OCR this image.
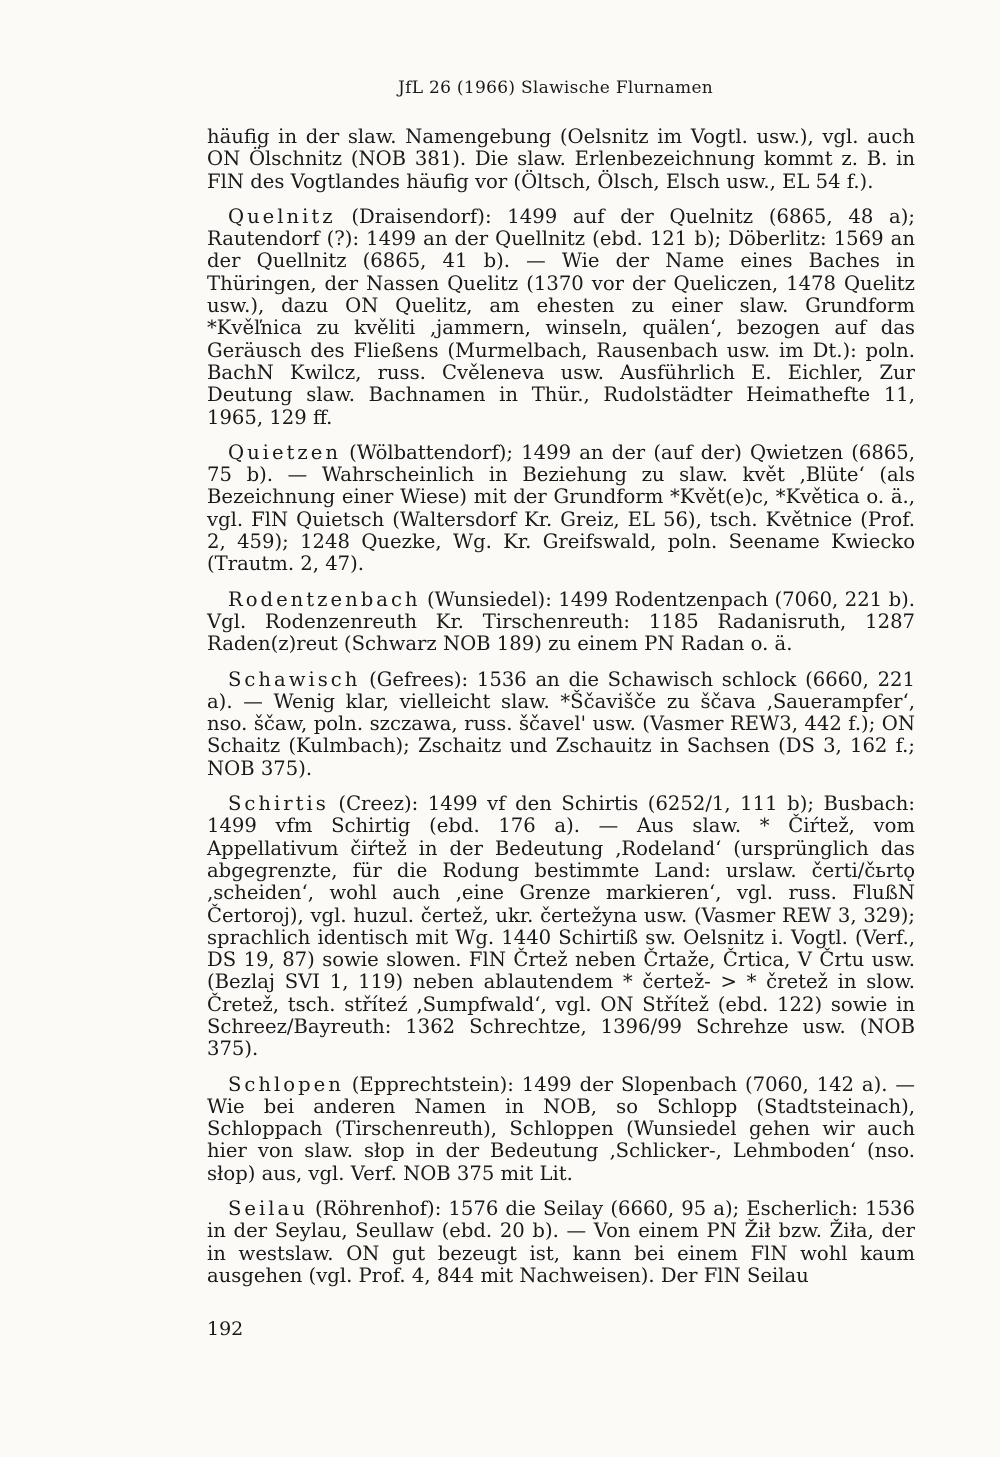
JfL 26 (1966) Slawische Flurnamen

häufig in der slaw. Namengebung (Oelsnitz im Vogtl. usw.), vgl. auch ON Ölschnitz (NOB 381). Die slaw. Erlenbezeichnung kommt z. B. in FlN des Vogtlandes häufig vor (Öltsch, Ölsch, Elsch usw., EL 54 f.).

Quelnitz (Draisendorf): 1499 auf der Quelnitz (6865, 48 a); Rautendorf (?): 1499 an der Quellnitz (ebd. 121 b); Döberlitz: 1569 an der Quellnitz (6865, 41 b). — Wie der Name eines Baches in Thüringen, der Nassen Quelitz (1370 vor der Queliczen, 1478 Quelitz usw.), dazu ON Quelitz, am ehesten zu einer slaw. Grundform *Kvěľnica zu kvěliti ‚jammern, winseln, quälen‘, bezogen auf das Geräusch des Fließens (Murmelbach, Rausenbach usw. im Dt.): poln. BachN Kwilcz, russ. Cvěleneva usw. Ausführlich E. Eichler, Zur Deutung slaw. Bachnamen in Thür., Rudolstädter Heimathefte 11, 1965, 129 ff.

Quietzen (Wölbattendorf); 1499 an der (auf der) Qwietzen (6865, 75 b). — Wahrscheinlich in Beziehung zu slaw. květ ‚Blüte‘ (als Bezeichnung einer Wiese) mit der Grundform *Květ(e)c, *Květica o. ä., vgl. FlN Quietsch (Waltersdorf Kr. Greiz, EL 56), tsch. Květnice (Prof. 2, 459); 1248 Quezke, Wg. Kr. Greifswald, poln. Seename Kwiecko (Trautm. 2, 47).

Rodentzenbach (Wunsiedel): 1499 Rodentzenpach (7060, 221 b). Vgl. Rodenzenreuth Kr. Tirschenreuth: 1185 Radanisruth, 1287 Raden(z)reut (Schwarz NOB 189) zu einem PN Radan o. ä.

Schawisch (Gefrees): 1536 an die Schawisch schlock (6660, 221 a). — Wenig klar, vielleicht slaw. *Ščavišče zu ščava ‚Sauerampfer‘, nso. ščaw, poln. szczawa, russ. ščavel' usw. (Vasmer REW3, 442 f.); ON Schaitz (Kulmbach); Zschaitz und Zschauitz in Sachsen (DS 3, 162 f.; NOB 375).

Schirtis (Creez): 1499 vf den Schirtis (6252/1, 111 b); Busbach: 1499 vfm Schirtig (ebd. 176 a). — Aus slaw. * Čiŕtež, vom Appellativum čiŕtež in der Bedeutung ‚Rodeland‘ (ursprünglich das abgegrenzte, für die Rodung bestimmte Land: urslaw. čerti/čьrtǫ ‚scheiden‘, wohl auch ‚eine Grenze markieren‘, vgl. russ. FlußN Čertoroj), vgl. huzul. čertež, ukr. čertežyna usw. (Vasmer REW 3, 329); sprachlich identisch mit Wg. 1440 Schirtiß sw. Oelsnitz i. Vogtl. (Verf., DS 19, 87) sowie slowen. FlN Črtež neben Črtaže, Črtica, V Črtu usw. (Bezlaj SVI 1, 119) neben ablautendem * čertež- > * čretež in slow. Čretež, tsch. stříteź ‚Sumpfwald‘, vgl. ON Střítež (ebd. 122) sowie in Schreez/Bayreuth: 1362 Schrechtze, 1396/99 Schrehze usw. (NOB 375).

Schlopen (Epprechtstein): 1499 der Slopenbach (7060, 142 a). — Wie bei anderen Namen in NOB, so Schlopp (Stadtsteinach), Schloppach (Tirschenreuth), Schloppen (Wunsiedel gehen wir auch hier von slaw. słop in der Bedeutung ‚Schlicker-, Lehmboden‘ (nso. słop) aus, vgl. Verf. NOB 375 mit Lit.

Seilau (Röhrenhof): 1576 die Seilay (6660, 95 a); Escherlich: 1536 in der Seylau, Seullaw (ebd. 20 b). — Von einem PN Žił bzw. Žiła, der in westslaw. ON gut bezeugt ist, kann bei einem FlN wohl kaum ausgehen (vgl. Prof. 4, 844 mit Nachweisen). Der FlN Seilau

192
